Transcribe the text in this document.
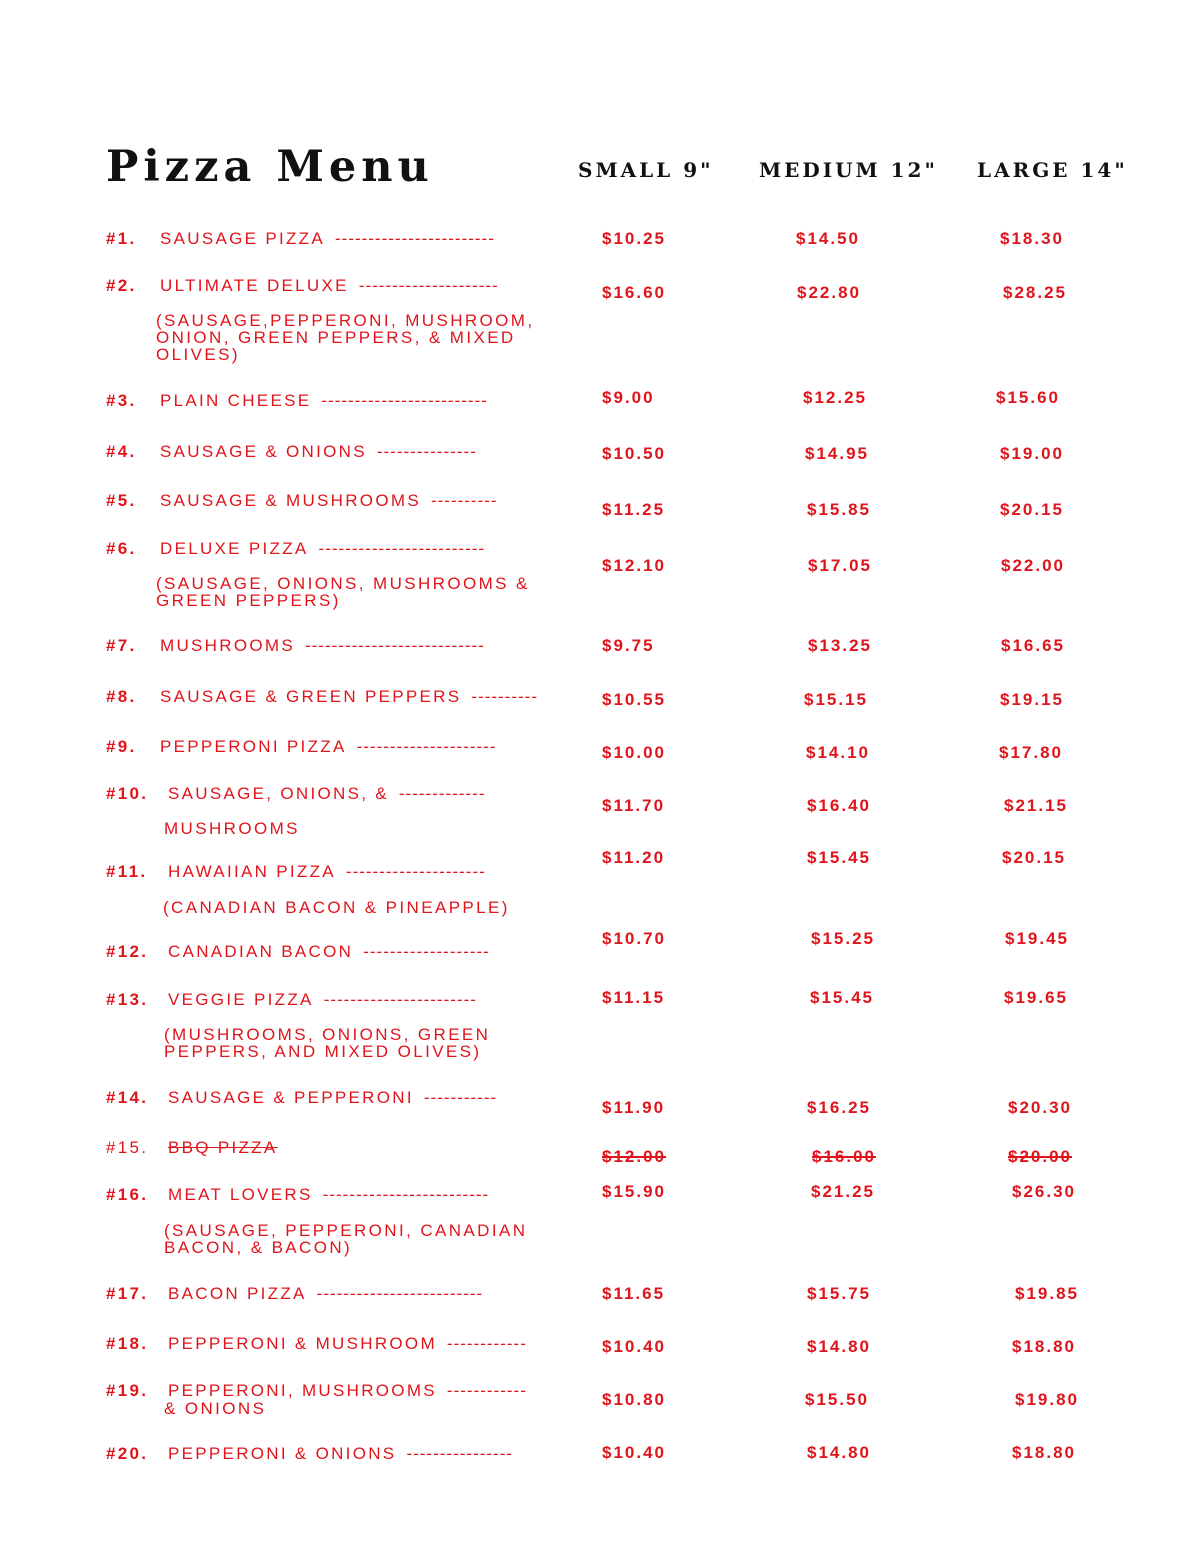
Pizza Menu	SMALL 9" MEDIUM 12" LARGE 14"
#1. SAUSAGE PIZZA ------------------------	$10.25	$14.50	$18.30
#2. ULTIMATE DELUXE ---------------------
(SAUSAGE,PEPPERONI, MUSHROOM,
ONION, GREEN PEPPERS, & MIXED
OLIVES)
$16.60	$22.80	$28.25
#3. PLAIN CHEESE -------------------------	$9.00	$12.25	$15.60
#4. SAUSAGE & ONIONS ---------------	$10.50	$14.95	$19.00
#5. SAUSAGE & MUSHROOMS ----------	$11.25	$15.85	$20.15
#6. DELUXE PIZZA -------------------------
(SAUSAGE, ONIONS, MUSHROOMS &
GREEN PEPPERS)
$12.10	$17.05	$22.00
#7. MUSHROOMS ---------------------------	$9.75	$13.25	$16.65
#8. SAUSAGE & GREEN PEPPERS ----------	$10.55	$15.15	$19.15
#9. PEPPERONI PIZZA ---------------------	$10.00	$14.10	$17.80
#10. SAUSAGE, ONIONS, & -------------
MUSHROOMS
$11.70	$16.40	$21.15
#11. HAWAIIAN PIZZA ---------------------
(CANADIAN BACON & PINEAPPLE)
$11.20	$15.45	$20.15
#12. CANADIAN BACON -------------------
$10.70	$15.25	$19.45
#13. VEGGIE PIZZA -----------------------
(MUSHROOMS, ONIONS, GREEN
PEPPERS, AND MIXED OLIVES)
$11.15	$15.45	$19.65
#14. SAUSAGE & PEPPERONI -----------
$11.90	$16.25	$20.30
#15. BBQ PIZZA	$12.00	$16.00	$20.00
#16. MEAT LOVERS -------------------------
(SAUSAGE, PEPPERONI, CANADIAN
BACON, & BACON)
$15.90	$21.25	$26.30
#17. BACON PIZZA -------------------------	$11.65	$15.75	$19.85
#18. PEPPERONI & MUSHROOM ------------	$10.40	$14.80	$18.80
#19. PEPPERONI, MUSHROOMS ------------
& ONIONS	$10.80	$15.50	$19.80
#20. PEPPERONI & ONIONS ----------------	$10.40	$14.80	$18.80
